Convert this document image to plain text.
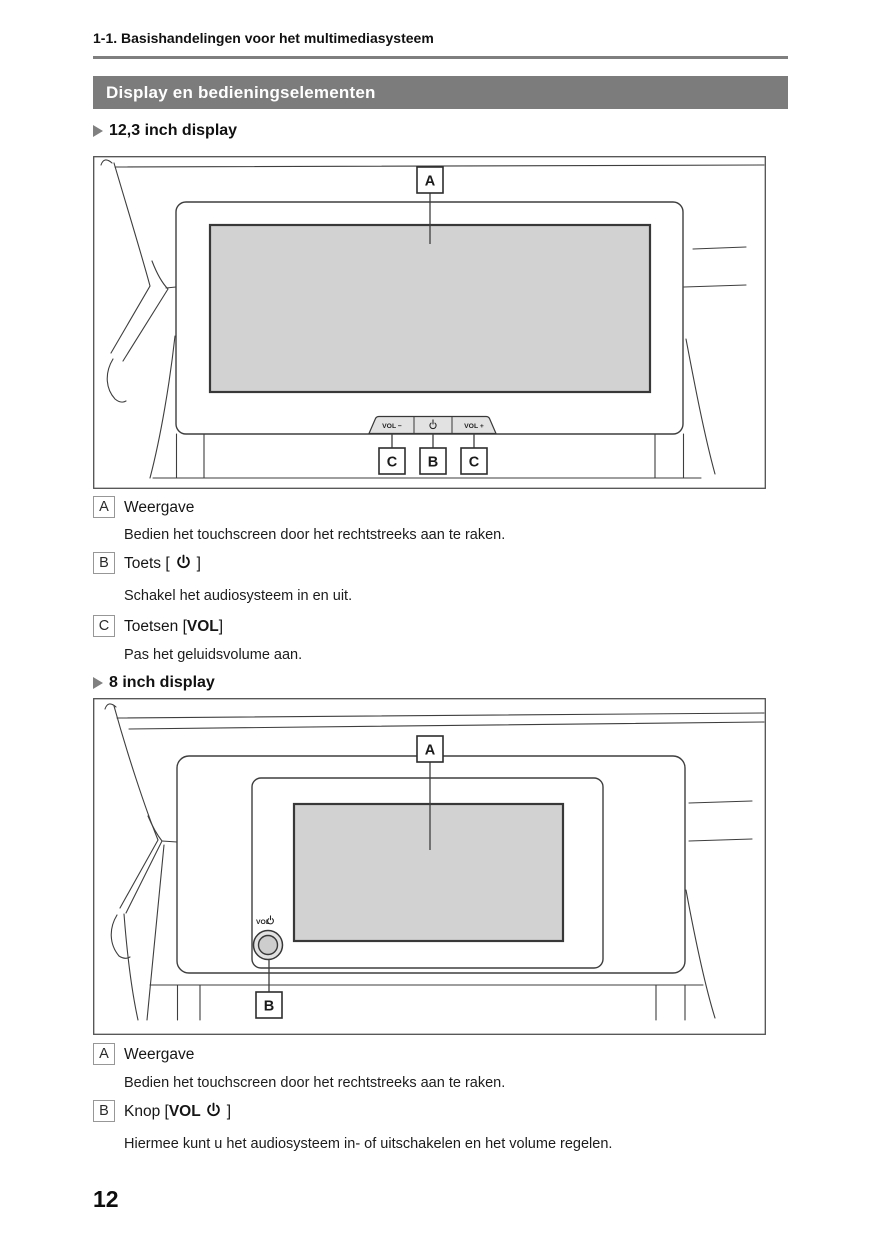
1-1. Basishandelingen voor het multimediasysteem
Display en bedieningselementen
12,3 inch display
VOL −	VOL +
A
C B C
A Weergave

Bedien het touchscreen door het rechtstreeks aan te raken.

B Toets [ ]

Schakel het audiosysteem in en uit.

C Toetsen [VOL]

Pas het geluidsvolume aan.

8 inch display
VOL
A
B
A Weergave

Bedien het touchscreen door het rechtstreeks aan te raken.

B Knop [VOL ]

Hiermee kunt u het audiosysteem in- of uitschakelen en het volume regelen.

12
